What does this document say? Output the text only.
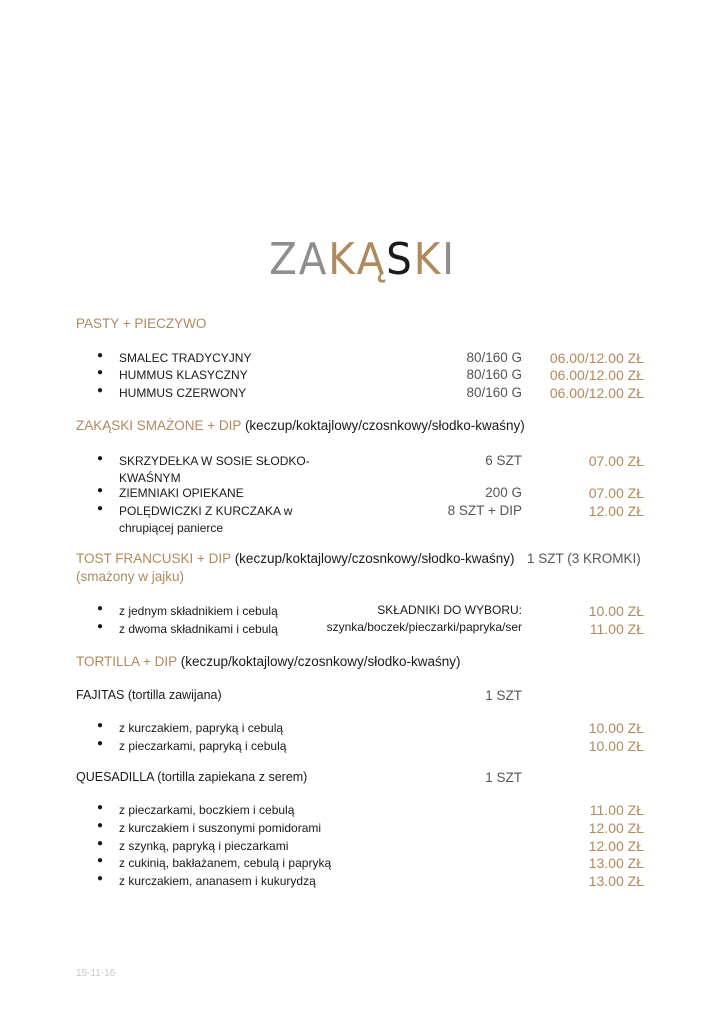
ZAKĄSKI
PASTY + PIECZYWO
● SMALEC TRADYCYJNY	80/160 G	06.00/12.00 ZŁ
● HUMMUS KLASYCZNY	80/160 G	06.00/12.00 ZŁ
● HUMMUS CZERWONY	80/160 G	06.00/12.00 ZŁ
ZAKĄSKI SMAŻONE + DIP (keczup/koktajlowy/czosnkowy/słodko-kwaśny)
● SKRZYDEŁKA W SOSIE SŁODKO-
KWAŚNYM
6 SZT	07.00 ZŁ
● ZIEMNIAKI OPIEKANE	200 G	07.00 ZŁ
● POLĘDWICZKI Z KURCZAKA w
chrupiącej panierce
8 SZT + DIP	12.00 ZŁ
TOST FRANCUSKI + DIP (keczup/koktajlowy/czosnkowy/słodko-kwaśny) 1 SZT (3 KROMKI)
(smażony w jajku)
● z jednym składnikiem i cebulą	SKŁADNIKI DO WYBORU:	10.00 ZŁ
● z dwoma składnikami i cebulą	szynka/boczek/pieczarki/papryka/ser	11.00 ZŁ
TORTILLA + DIP (keczup/koktajlowy/czosnkowy/słodko-kwaśny)
FAJITAS (tortilla zawijana)	1 SZT
● z kurczakiem, papryką i cebulą	10.00 ZŁ
● z pieczarkami, papryką i cebulą	10.00 ZŁ
QUESADILLA (tortilla zapiekana z serem)	1 SZT
● z pieczarkami, boczkiem i cebulą	11.00 ZŁ
● z kurczakiem i suszonymi pomidorami	12.00 ZŁ
● z szynką, papryką i pieczarkami	12.00 ZŁ
● z cukinią, bakłażanem, cebulą i papryką	13.00 ZŁ
● z kurczakiem, ananasem i kukurydzą	13.00 ZŁ
15-11-16
